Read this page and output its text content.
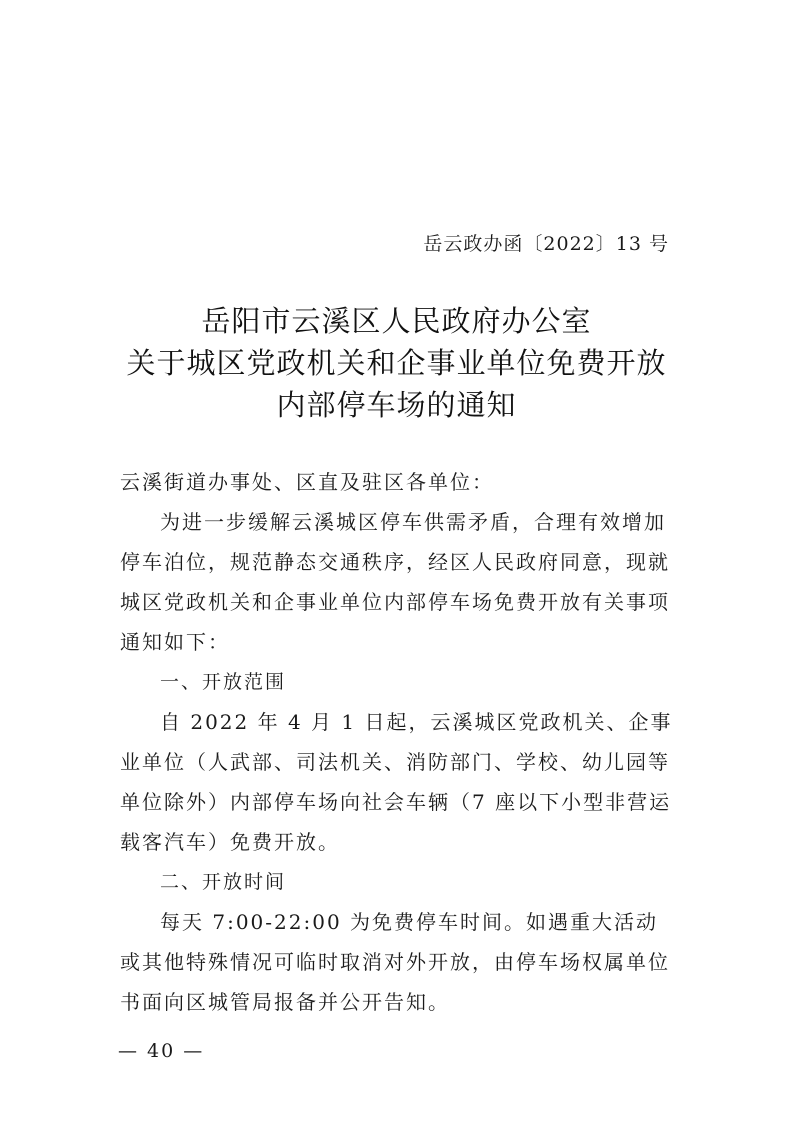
岳云政办函〔2022〕13 号
岳阳市云溪区人民政府办公室
关于城区党政机关和企事业单位免费开放
内部停车场的通知

云溪街道办事处、区直及驻区各单位：

为进一步缓解云溪城区停车供需矛盾，合理有效增加停车泊位，规范静态交通秩序，经区人民政府同意，现就城区党政机关和企事业单位内部停车场免费开放有关事项通知如下：

一、开放范围

自 2022 年 4 月 1 日起，云溪城区党政机关、企事业单位（人武部、司法机关、消防部门、学校、幼儿园等单位除外）内部停车场向社会车辆（7 座以下小型非营运载客汽车）免费开放。

二、开放时间

每天 7:00-22:00 为免费停车时间。如遇重大活动或其他特殊情况可临时取消对外开放，由停车场权属单位书面向区城管局报备并公开告知。

— 40 —
